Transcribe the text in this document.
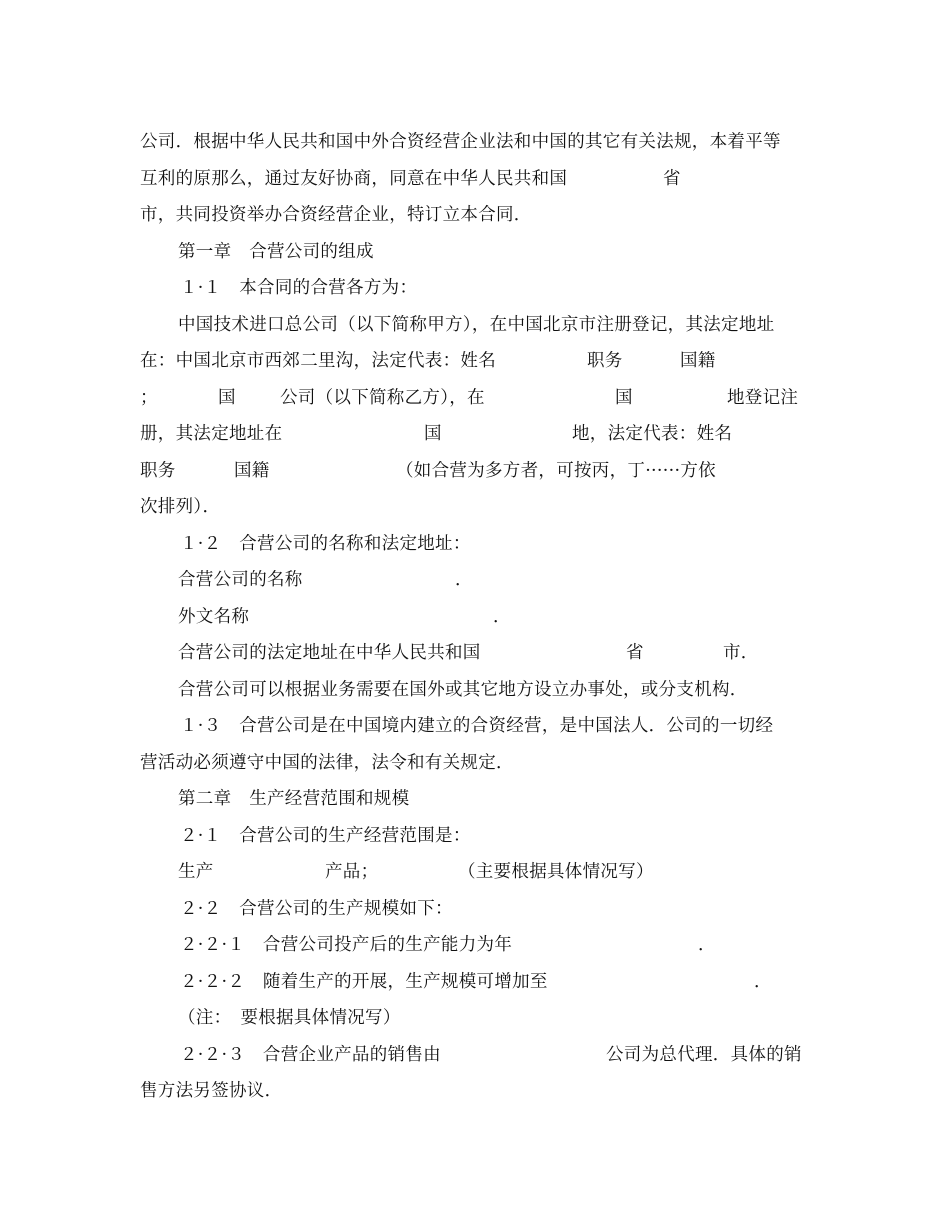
公司．根据中华人民共和国中外合资经营企业法和中国的其它有关法规，本着平等

互利的原那么，通过友好协商，同意在中华人民共和国

	省

市，共同投资举办合资经营企业，特订立本合同．

第一章　合营公司的组成

１·１　本合同的合营各方为：

中国技术进口总公司（以下简称甲方），在中国北京市注册登记，其法定地址

在：中国北京市西郊二里沟，法定代表：姓名

	职务

	国籍

；

	国

	公司（以下简称乙方），在

	国

	地登记注

册，其法定地址在

	国

	地，法定代表：姓名

职务

	国籍

	（如合营为多方者，可按丙，丁······方依

次排列）．

１·２　合营公司的名称和法定地址：

合营公司的名称

	．

外文名称

	．

合营公司的法定地址在中华人民共和国

	省

	市．

合营公司可以根据业务需要在国外或其它地方设立办事处，或分支机构．

１·３　合营公司是在中国境内建立的合资经营，是中国法人．公司的一切经

营活动必须遵守中国的法律，法令和有关规定．

第二章　生产经营范围和规模

２·１　合营公司的生产经营范围是：

生产

	产品；

	（主要根据具体情况写）

２·２　合营公司的生产规模如下：

２·２·１　合营公司投产后的生产能力为年

	．

２·２·２　随着生产的开展，生产规模可增加至

	．

（注：　要根据具体情况写）

２·２·３　合营企业产品的销售由

	公司为总代理．具体的销

售方法另签协议．
